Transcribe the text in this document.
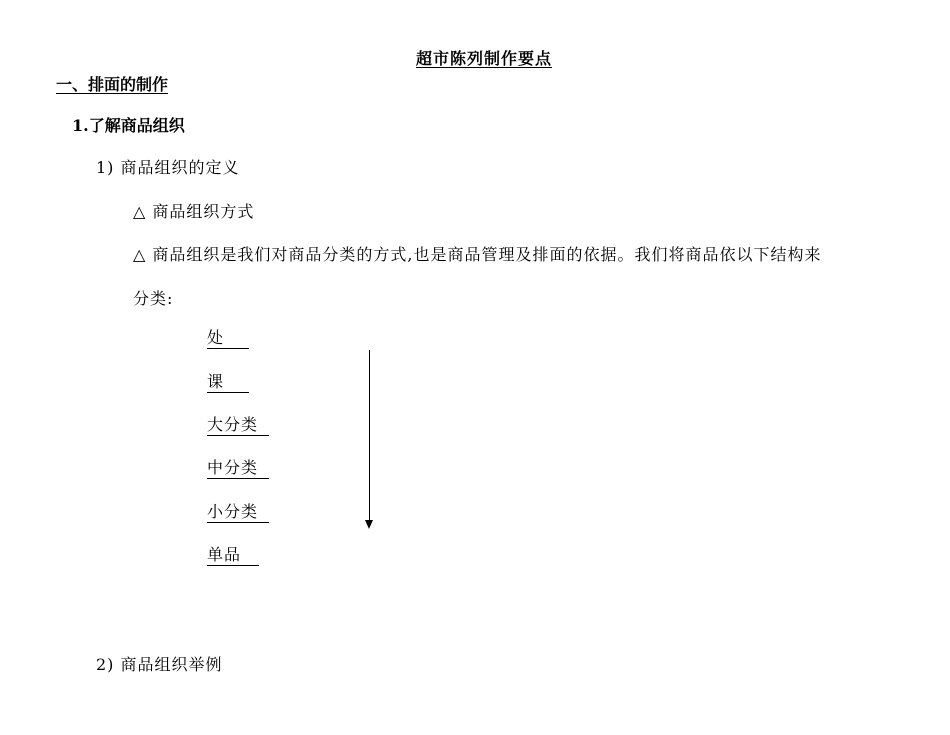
超市陈列制作要点
一、排面的制作
1.了解商品组织
1) 商品组织的定义
△ 商品组织方式
△ 商品组织是我们对商品分类的方式,也是商品管理及排面的依据。我们将商品依以下结构来
分类:
处
课
大分类
中分类
小分类
单品
2) 商品组织举例
